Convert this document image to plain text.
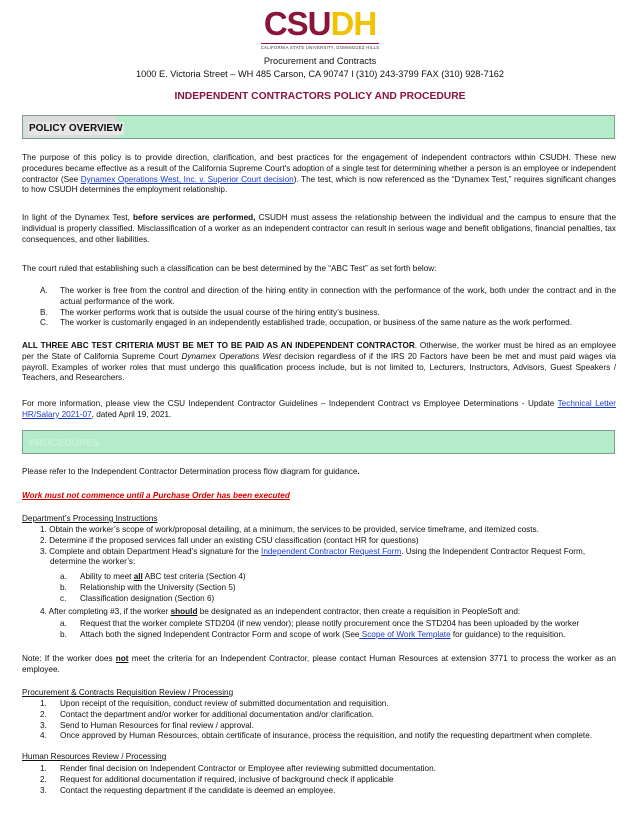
CSUDH
CALIFORNIA STATE UNIVERSITY, DOMINGUEZ HILLS
Procurement and Contracts
1000 E. Victoria Street – WH 485 Carson, CA 90747 l (310) 243-3799 FAX (310) 928-7162
INDEPENDENT CONTRACTORS POLICY AND PROCEDURE
POLICY OVERVIEW

The purpose of this policy is to provide direction, clarification, and best practices for the engagement of independent contractors within CSUDH. These new procedures became effective as a result of the California Supreme Court's adoption of a single test for determining whether a person is an employee or independent contractor (See Dynamex Operations West, Inc. v. Superior Court decision). The test, which is now referenced as the “Dynamex Test,” requires significant changes to how CSUDH determines the employment relationship.

In light of the Dynamex Test, before services are performed, CSUDH must assess the relationship between the individual and the campus to ensure that the individual is properly classified. Misclassification of a worker as an independent contractor can result in serious wage and benefit obligations, financial penalties, tax consequences, and other liabilities.

The court ruled that establishing such a classification can be best determined by the “ABC Test” as set forth below:

A. The worker is free from the control and direction of the hiring entity in connection with the performance of the work, both under the contract and in the actual performance of the work.
B. The worker performs work that is outside the usual course of the hiring entity’s business.
C. The worker is customarily engaged in an independently established trade, occupation, or business of the same nature as the work performed.

ALL THREE ABC TEST CRITERIA MUST BE MET TO BE PAID AS AN INDEPENDENT CONTRACTOR. Otherwise, the worker must be hired as an employee per the State of California Supreme Court Dynamex Operations West decision regardless of if the IRS 20 Factors have been be met and must paid wages via payroll. Examples of worker roles that must undergo this qualification process include, but is not limited to, Lecturers, Instructors, Advisors, Guest Speakers / Teachers, and Researchers.

For more information, please view the CSU Independent Contractor Guidelines – Independent Contract vs Employee Determinations - Update Technical Letter HR/Salary 2021-07, dated April 19, 2021.

PROCEDURES

Please refer to the Independent Contractor Determination process flow diagram for guidance.

Work must not commence until a Purchase Order has been executed

Department’s Processing Instructions

1. Obtain the worker’s scope of work/proposal detailing, at a minimum, the services to be provided, service timeframe, and itemized costs.
2. Determine if the proposed services fall under an existing CSU classification (contact HR for questions)
3. Complete and obtain Department Head’s signature for the Independent Contractor Request Form. Using the Independent Contractor Request Form,
determine the worker’s:
a. Ability to meet all ABC test criteria (Section 4)
b. Relationship with the University (Section 5)
c. Classification designation (Section 6)
4. After completing #3, if the worker should be designated as an independent contractor, then create a requisition in PeopleSoft and:
a. Request that the worker complete STD204 (if new vendor); please notify procurement once the STD204 has been uploaded by the worker
b. Attach both the signed Independent Contractor Form and scope of work (See Scope of Work Template for guidance) to the requisition.

Note: If the worker does not meet the criteria for an Independent Contractor, please contact Human Resources at extension 3771 to process the worker as an employee.

Procurement & Contracts Requisition Review / Processing

1. Upon receipt of the requisition, conduct review of submitted documentation and requisition.
2. Contact the department and/or worker for additional documentation and/or clarification.
3. Send to Human Resources for final review / approval.
4. Once approved by Human Resources, obtain certificate of insurance, process the requisition, and notify the requesting department when complete.

Human Resources Review / Processing

1. Render final decision on Independent Contractor or Employee after reviewing submitted documentation.
2. Request for additional documentation if required, inclusive of background check if applicable
3. Contact the requesting department if the candidate is deemed an employee.
